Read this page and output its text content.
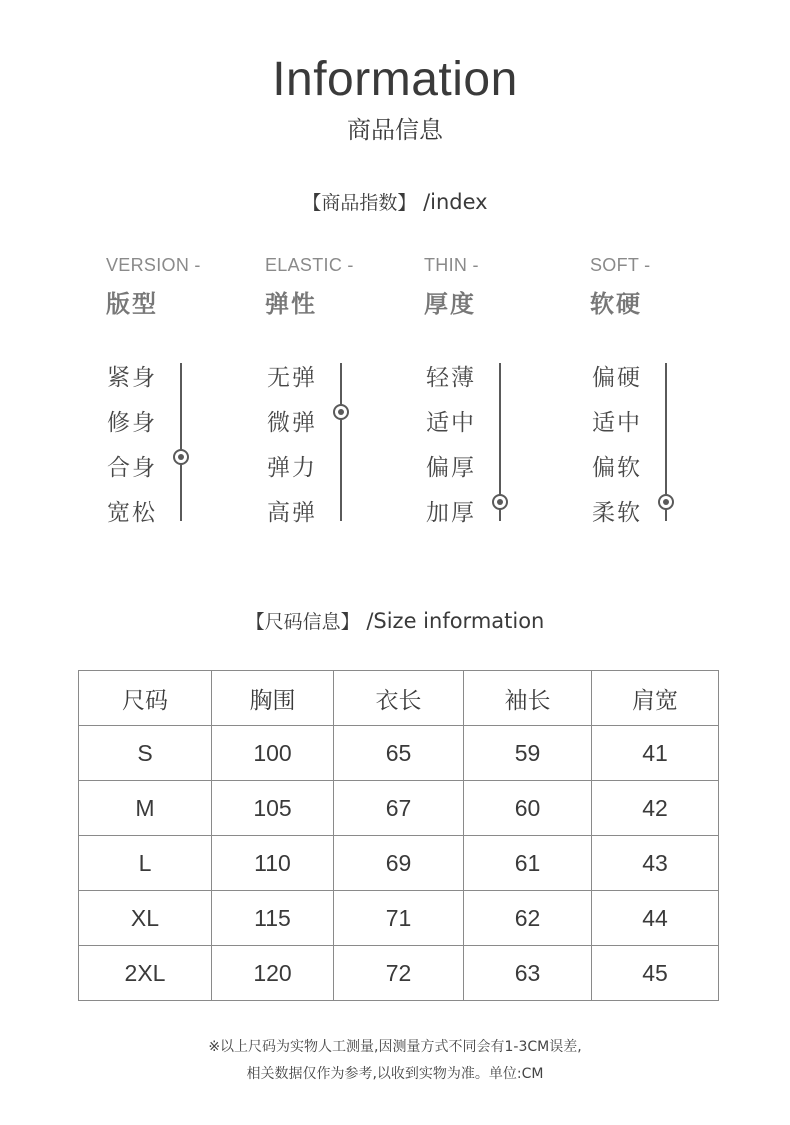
Information
商品信息
【商品指数】 /index
VERSION -
版型
ELASTIC -
弹性
THIN -
厚度
SOFT -
软硬
紧身
修身
合身
宽松
无弹
微弹
弹力
高弹
轻薄
适中
偏厚
加厚
偏硬
适中
偏软
柔软
【尺码信息】 /Size information
尺码	胸围	衣长	袖长	肩宽
S	100	65	59	41
M	105	67	60	42
L	110	69	61	43
XL	115	71	62	44
2XL	120	72	63	45
※以上尺码为实物人工测量,因测量方式不同会有1-3CM误差,
相关数据仅作为参考,以收到实物为准。单位:CM
